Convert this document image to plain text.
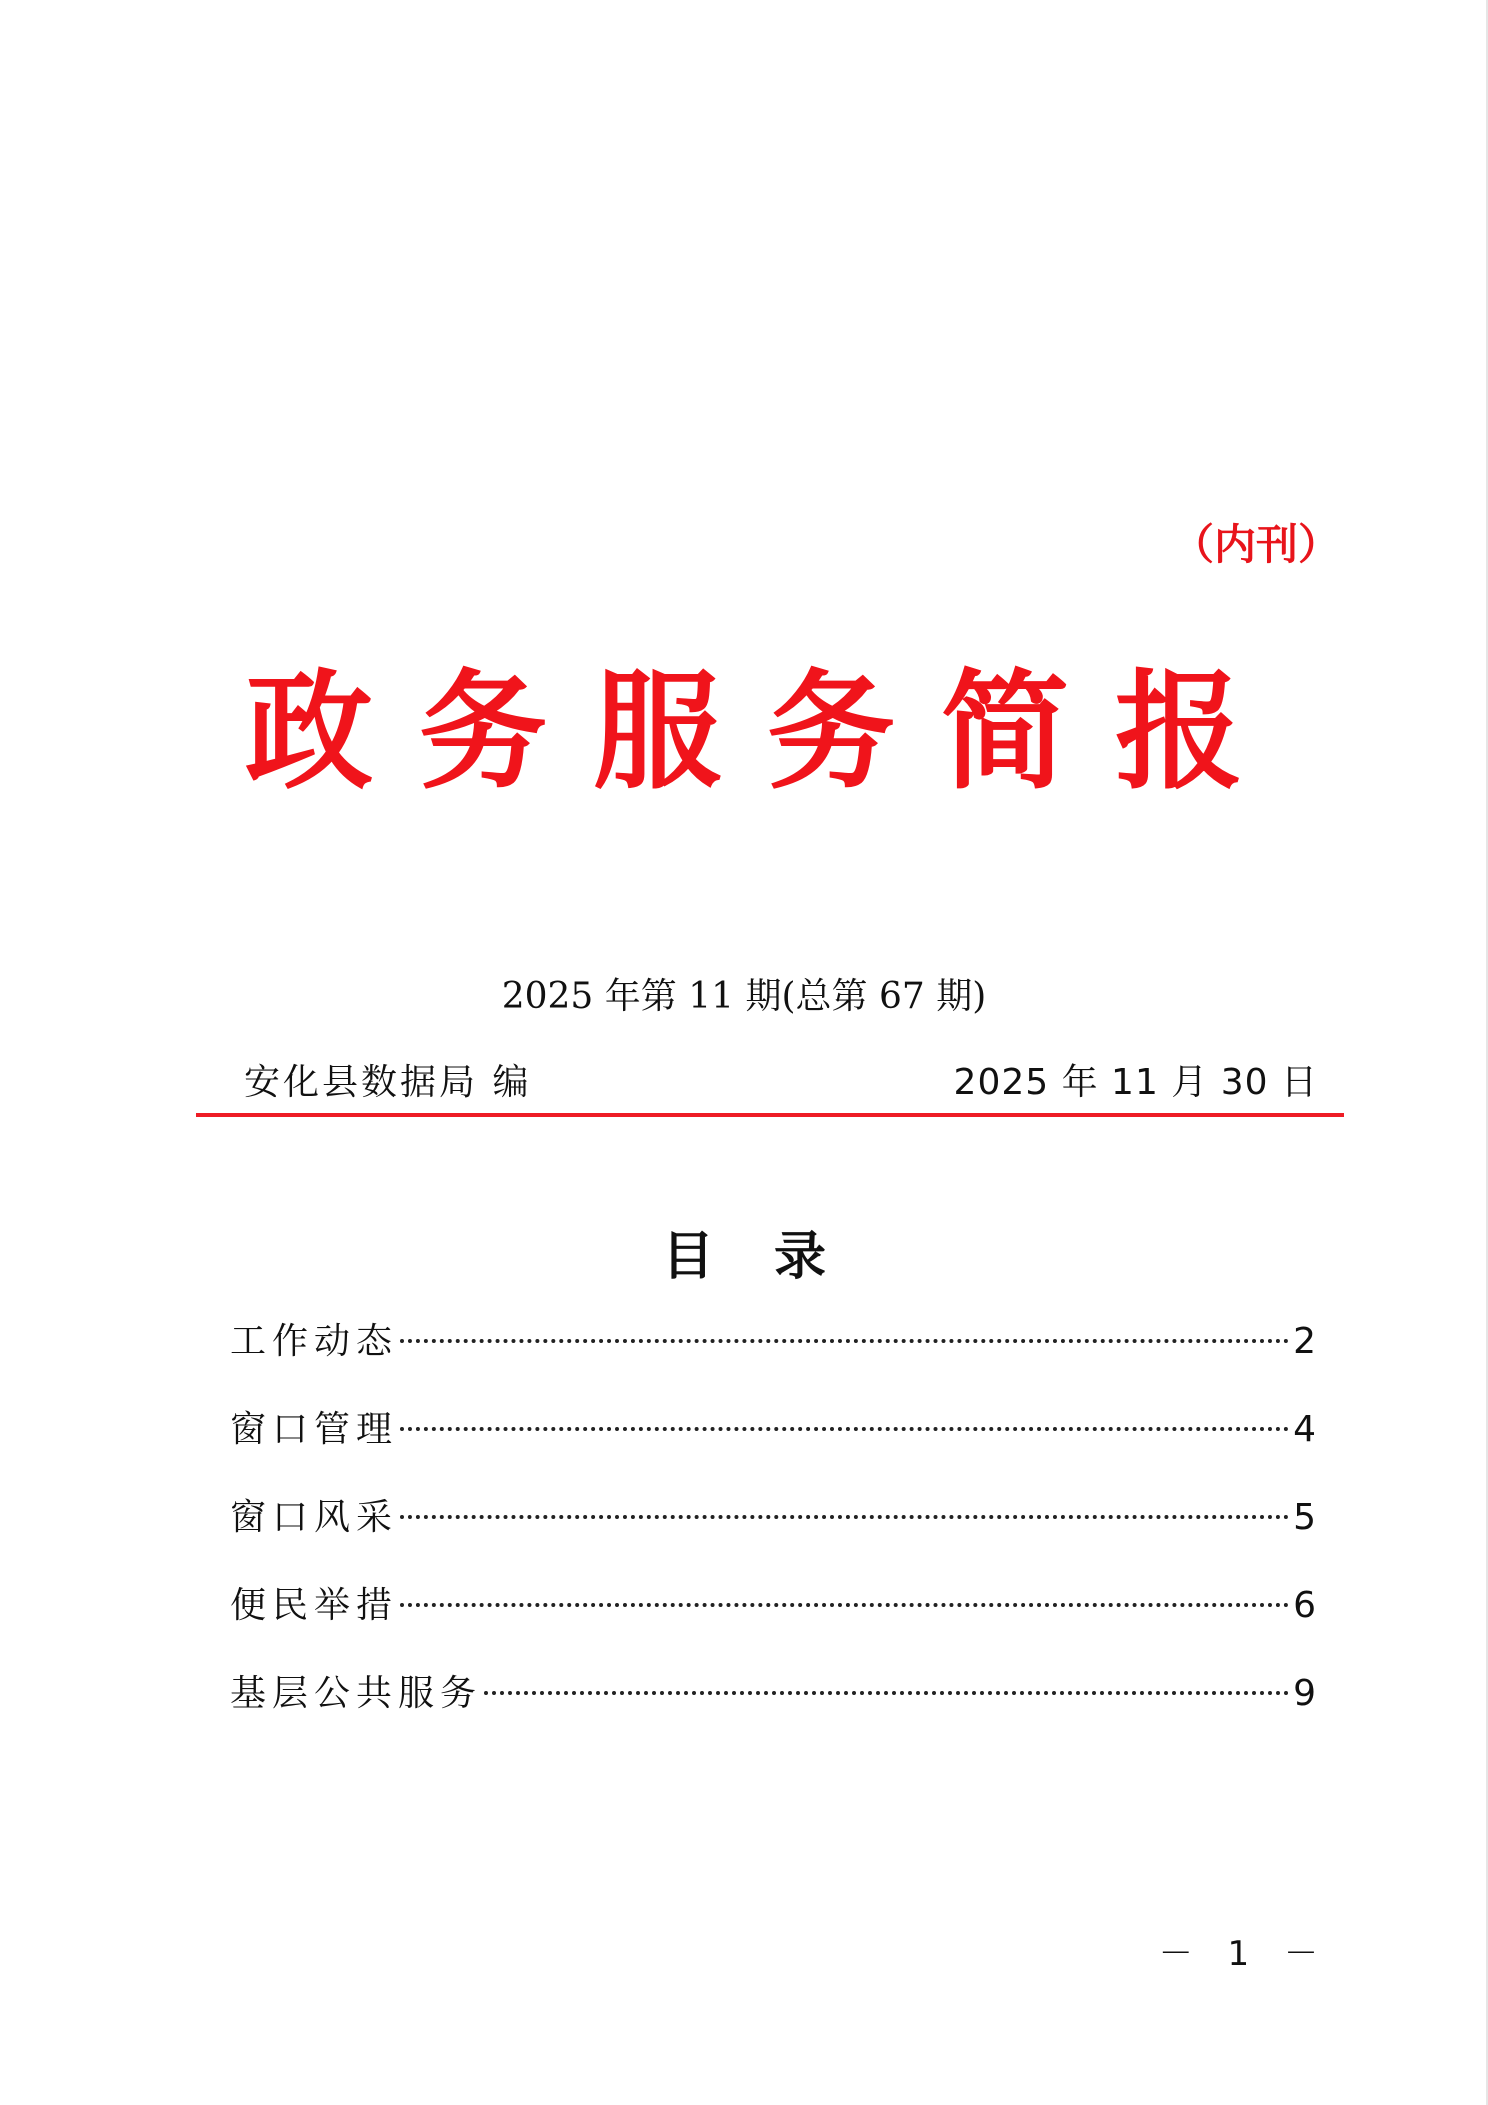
（内刊）
政务服务简报
2025 年第 11 期(总第 67 期)
安化县数据局 编	2025 年 11 月 30 日
目录
工作动态	2
窗口管理	4
窗口风采	5
便民举措	6
基层公共服务	9
－ 1 －
